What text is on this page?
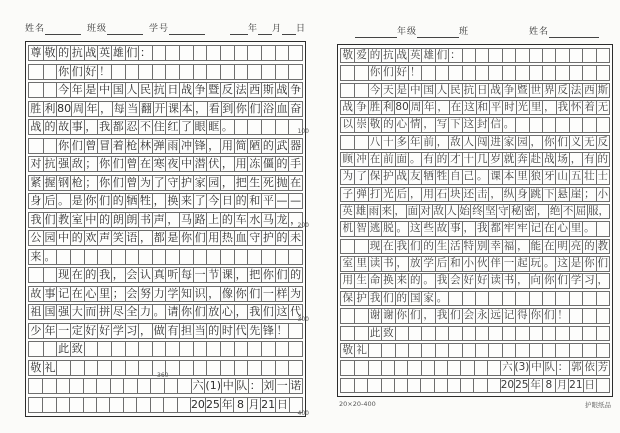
姓名	班级	学号	年 月 日
尊 敬 的 抗 战 英 雄 们 ：
你 们 好 ！
今 年 是 中 国 人 民 抗 日 战 争 暨 反 法 西 斯 战 争
胜 利 80 周 年 ， 每 当 翻 开 课 本 ， 看 到 你 们 浴 血 奋
战 的 故 事 ， 我 都 忍 不 住 红 了 眼 眶 。
你 们 曾 冒 着 枪 林 弹 雨 冲 锋 ， 用 简 陋 的 武 器
对 抗 强 敌 ； 你 们 曾 在 寒 夜 中 潜 伏 ， 用 冻 僵 的 手
紧 握 钢 枪 ； 你 们 曾 为 了 守 护 家 园 ， 把 生 死 抛 在
身 后 。 是 你 们 的 牺 牲 ， 换 来 了 今 日 的 和 平 — —
我 们 教 室 中 的 朗 朗 书 声 ， 马 路 上 的 车 水 马 龙 ，
公 园 中 的 欢 声 笑 语 ， 都 是 你 们 用 热 血 守 护 的 未
来 。
现 在 的 我 ， 会 认 真 听 每 一 节 课 ， 把 你 们 的
故 事 记 在 心 里 ； 会 努 力 学 知 识 ， 像 你 们 一 样 为
祖 国 强 大 而 拼 尽 全 力 。 请 你 们 放 心 ， 我 们 这 代
少 年 一 定 好 好 学 习 ， 做 有 担 当 的 时 代 先 锋 ！
此 致
敬 礼
六 (1) 中 队 ： 刘 一 诺
20 25 年 8 月 21 日
100
200
300
360
400
年级	班	姓名
敬 爱 的 抗 战 英 雄 们 ：
你 们 好 ！
今 天 是 中 国 人 民 抗 日 战 争 暨 世 界 反 法 西 斯
战 争 胜 利 80 周 年 ， 在 这 和 平 时 光 里 ， 我 怀 着 无
以 崇 敬 的 心 情 ， 写 下 这 封 信 。
八 十 多 年 前 ， 敌 人 闯 进 家 园 ， 你 们 义 无 反
顾 冲 在 前 面 。 有 的 才 十 几 岁 就 奔 赴 战 场 ， 有 的
为 了 保 护 战 友 牺 牲 自 己 。 课 本 里 狼 牙 山 五 壮 士
子 弹 打 光 后 ， 用 石 块 还 击 ， 纵 身 跳 下 悬 崖 ； 小
英 雄 雨 来 ， 面 对 敌 人 始 终 坚 守 秘 密 ， 绝 不 屈 服，
机 智 逃 脱 。 这 些 故 事 ， 我 都 牢 牢 记 在 心 里 。
现 在 我 们 的 生 活 特 别 幸 福 ， 能 在 明 亮 的 教
室 里 读 书 ， 放 学 后 和 小 伙 伴 一 起 玩 。 这 是 你 们
用 生 命 换 来 的 。 我 会 好 好 读 书 ， 向 你 们 学 习 ，
保 护 我 们 的 国 家 。
谢 谢 你 们 ， 我 们 会 永 远 记 得 你 们 ！
此 致
敬 礼
六 (3) 中 队 ： 郭 依 芳
20 25 年 8 月 21 日
20×20-400	护眼纸品
